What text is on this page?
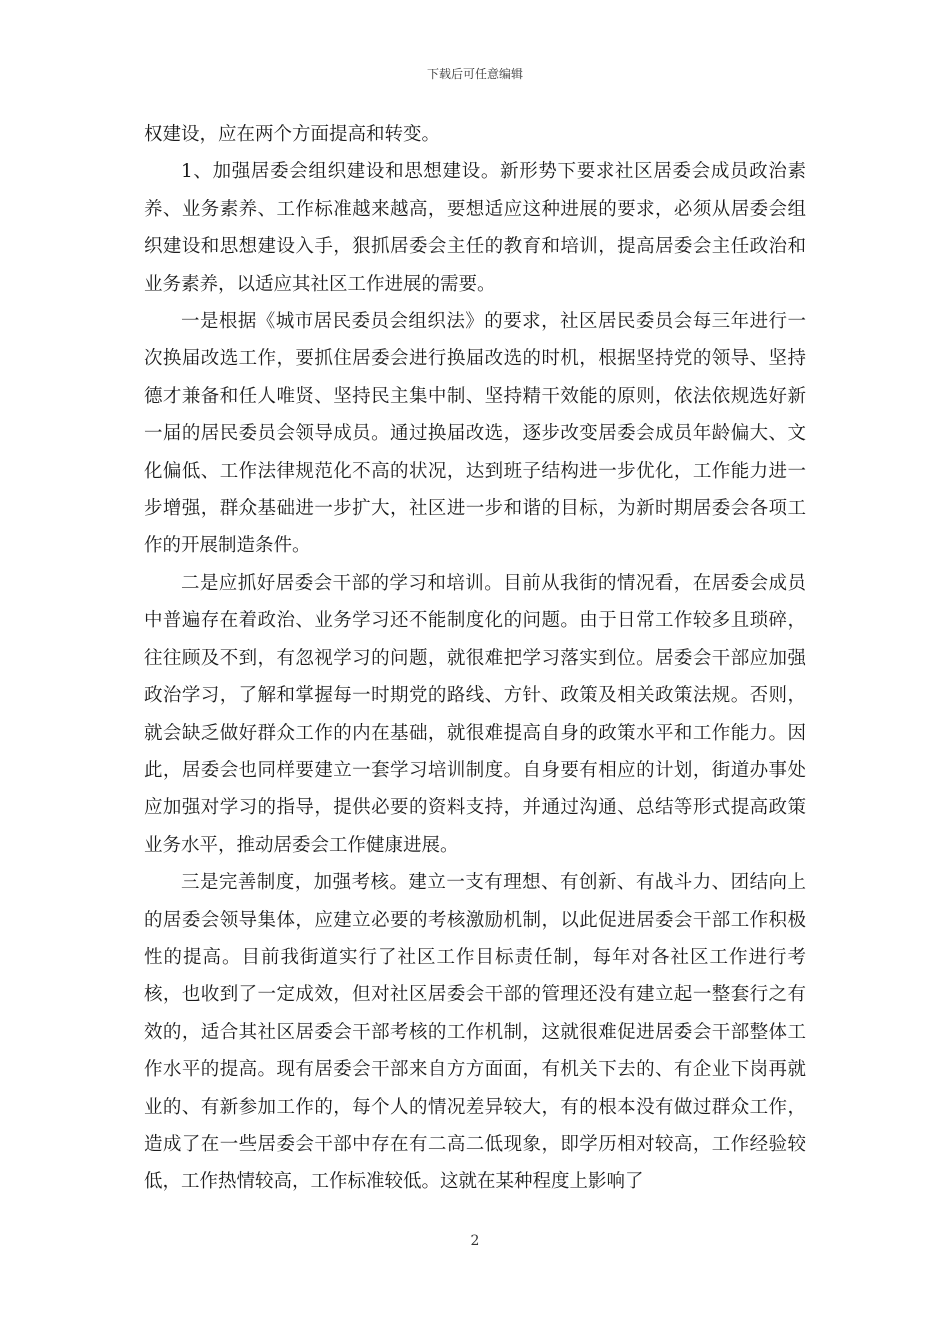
下载后可任意编辑

权建设，应在两个方面提高和转变。

1、加强居委会组织建设和思想建设。新形势下要求社区居委会成员政治素养、业务素养、工作标准越来越高，要想适应这种进展的要求，必须从居委会组织建设和思想建设入手，狠抓居委会主任的教育和培训，提高居委会主任政治和业务素养，以适应其社区工作进展的需要。

一是根据《城市居民委员会组织法》的要求，社区居民委员会每三年进行一次换届改选工作，要抓住居委会进行换届改选的时机，根据坚持党的领导、坚持德才兼备和任人唯贤、坚持民主集中制、坚持精干效能的原则，依法依规选好新一届的居民委员会领导成员。通过换届改选，逐步改变居委会成员年龄偏大、文化偏低、工作法律规范化不高的状况，达到班子结构进一步优化，工作能力进一步增强，群众基础进一步扩大，社区进一步和谐的目标，为新时期居委会各项工作的开展制造条件。

二是应抓好居委会干部的学习和培训。目前从我街的情况看，在居委会成员中普遍存在着政治、业务学习还不能制度化的问题。由于日常工作较多且琐碎，往往顾及不到，有忽视学习的问题，就很难把学习落实到位。居委会干部应加强政治学习，了解和掌握每一时期党的路线、方针、政策及相关政策法规。否则，就会缺乏做好群众工作的内在基础，就很难提高自身的政策水平和工作能力。因此，居委会也同样要建立一套学习培训制度。自身要有相应的计划，街道办事处应加强对学习的指导，提供必要的资料支持，并通过沟通、总结等形式提高政策业务水平，推动居委会工作健康进展。

三是完善制度，加强考核。建立一支有理想、有创新、有战斗力、团结向上的居委会领导集体，应建立必要的考核激励机制，以此促进居委会干部工作积极性的提高。目前我街道实行了社区工作目标责任制，每年对各社区工作进行考核，也收到了一定成效，但对社区居委会干部的管理还没有建立起一整套行之有效的，适合其社区居委会干部考核的工作机制，这就很难促进居委会干部整体工作水平的提高。现有居委会干部来自方方面面，有机关下去的、有企业下岗再就业的、有新参加工作的，每个人的情况差异较大，有的根本没有做过群众工作，造成了在一些居委会干部中存在有二高二低现象，即学历相对较高，工作经验较低，工作热情较高，工作标准较低。这就在某种程度上影响了

2
